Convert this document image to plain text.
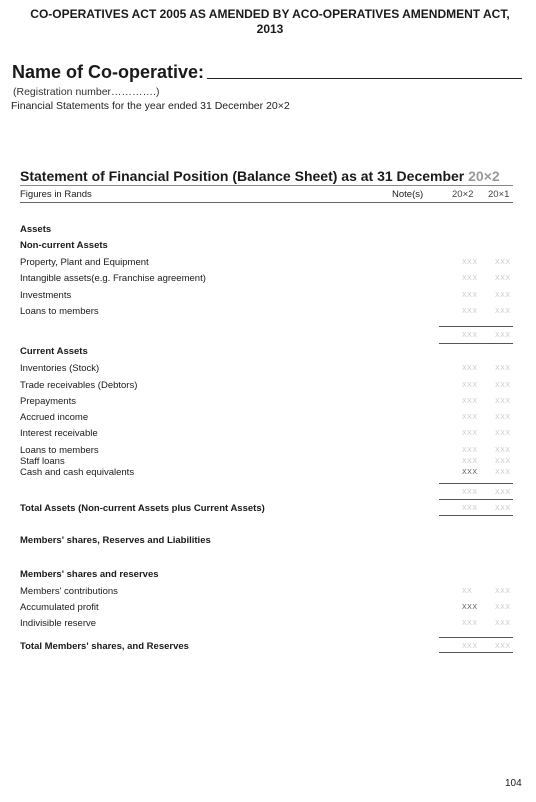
CO-OPERATIVES ACT 2005 AS AMENDED BY ACO-OPERATIVES AMENDMENT ACT, 2013
Name of Co-operative:
(Registration number………….)
Financial Statements for the year ended 31 December 20×2
Statement of Financial Position (Balance Sheet) as at 31 December 20×2
Figures in Rands	Note(s)	20×2 20×1
Assets
Non-current Assets
Property, Plant and Equipment	XXX XXX
Intangible assets(e.g. Franchise agreement)	XXX XXX
Investments	XXX XXX
Loans to members	XXX XXX
XXX XXX
Current Assets
Inventories (Stock)	XXX XXX
Trade receivables (Debtors)	XXX XXX
Prepayments	XXX XXX
Accrued income	XXX XXX
Interest receivable	XXX XXX
Loans to members	XXX XXX
Staff loans	XXX XXX
Cash and cash equivalents	XXX XXX
XXX XXX
Total Assets (Non-current Assets plus Current Assets)	XXX XXX
Members' shares, Reserves and Liabilities
Members' shares and reserves
Members' contributions	XX	XXX
Accumulated profit	XXX XXX
Indivisible reserve	XXX XXX
Total Members' shares, and Reserves	XXX XXX
104
